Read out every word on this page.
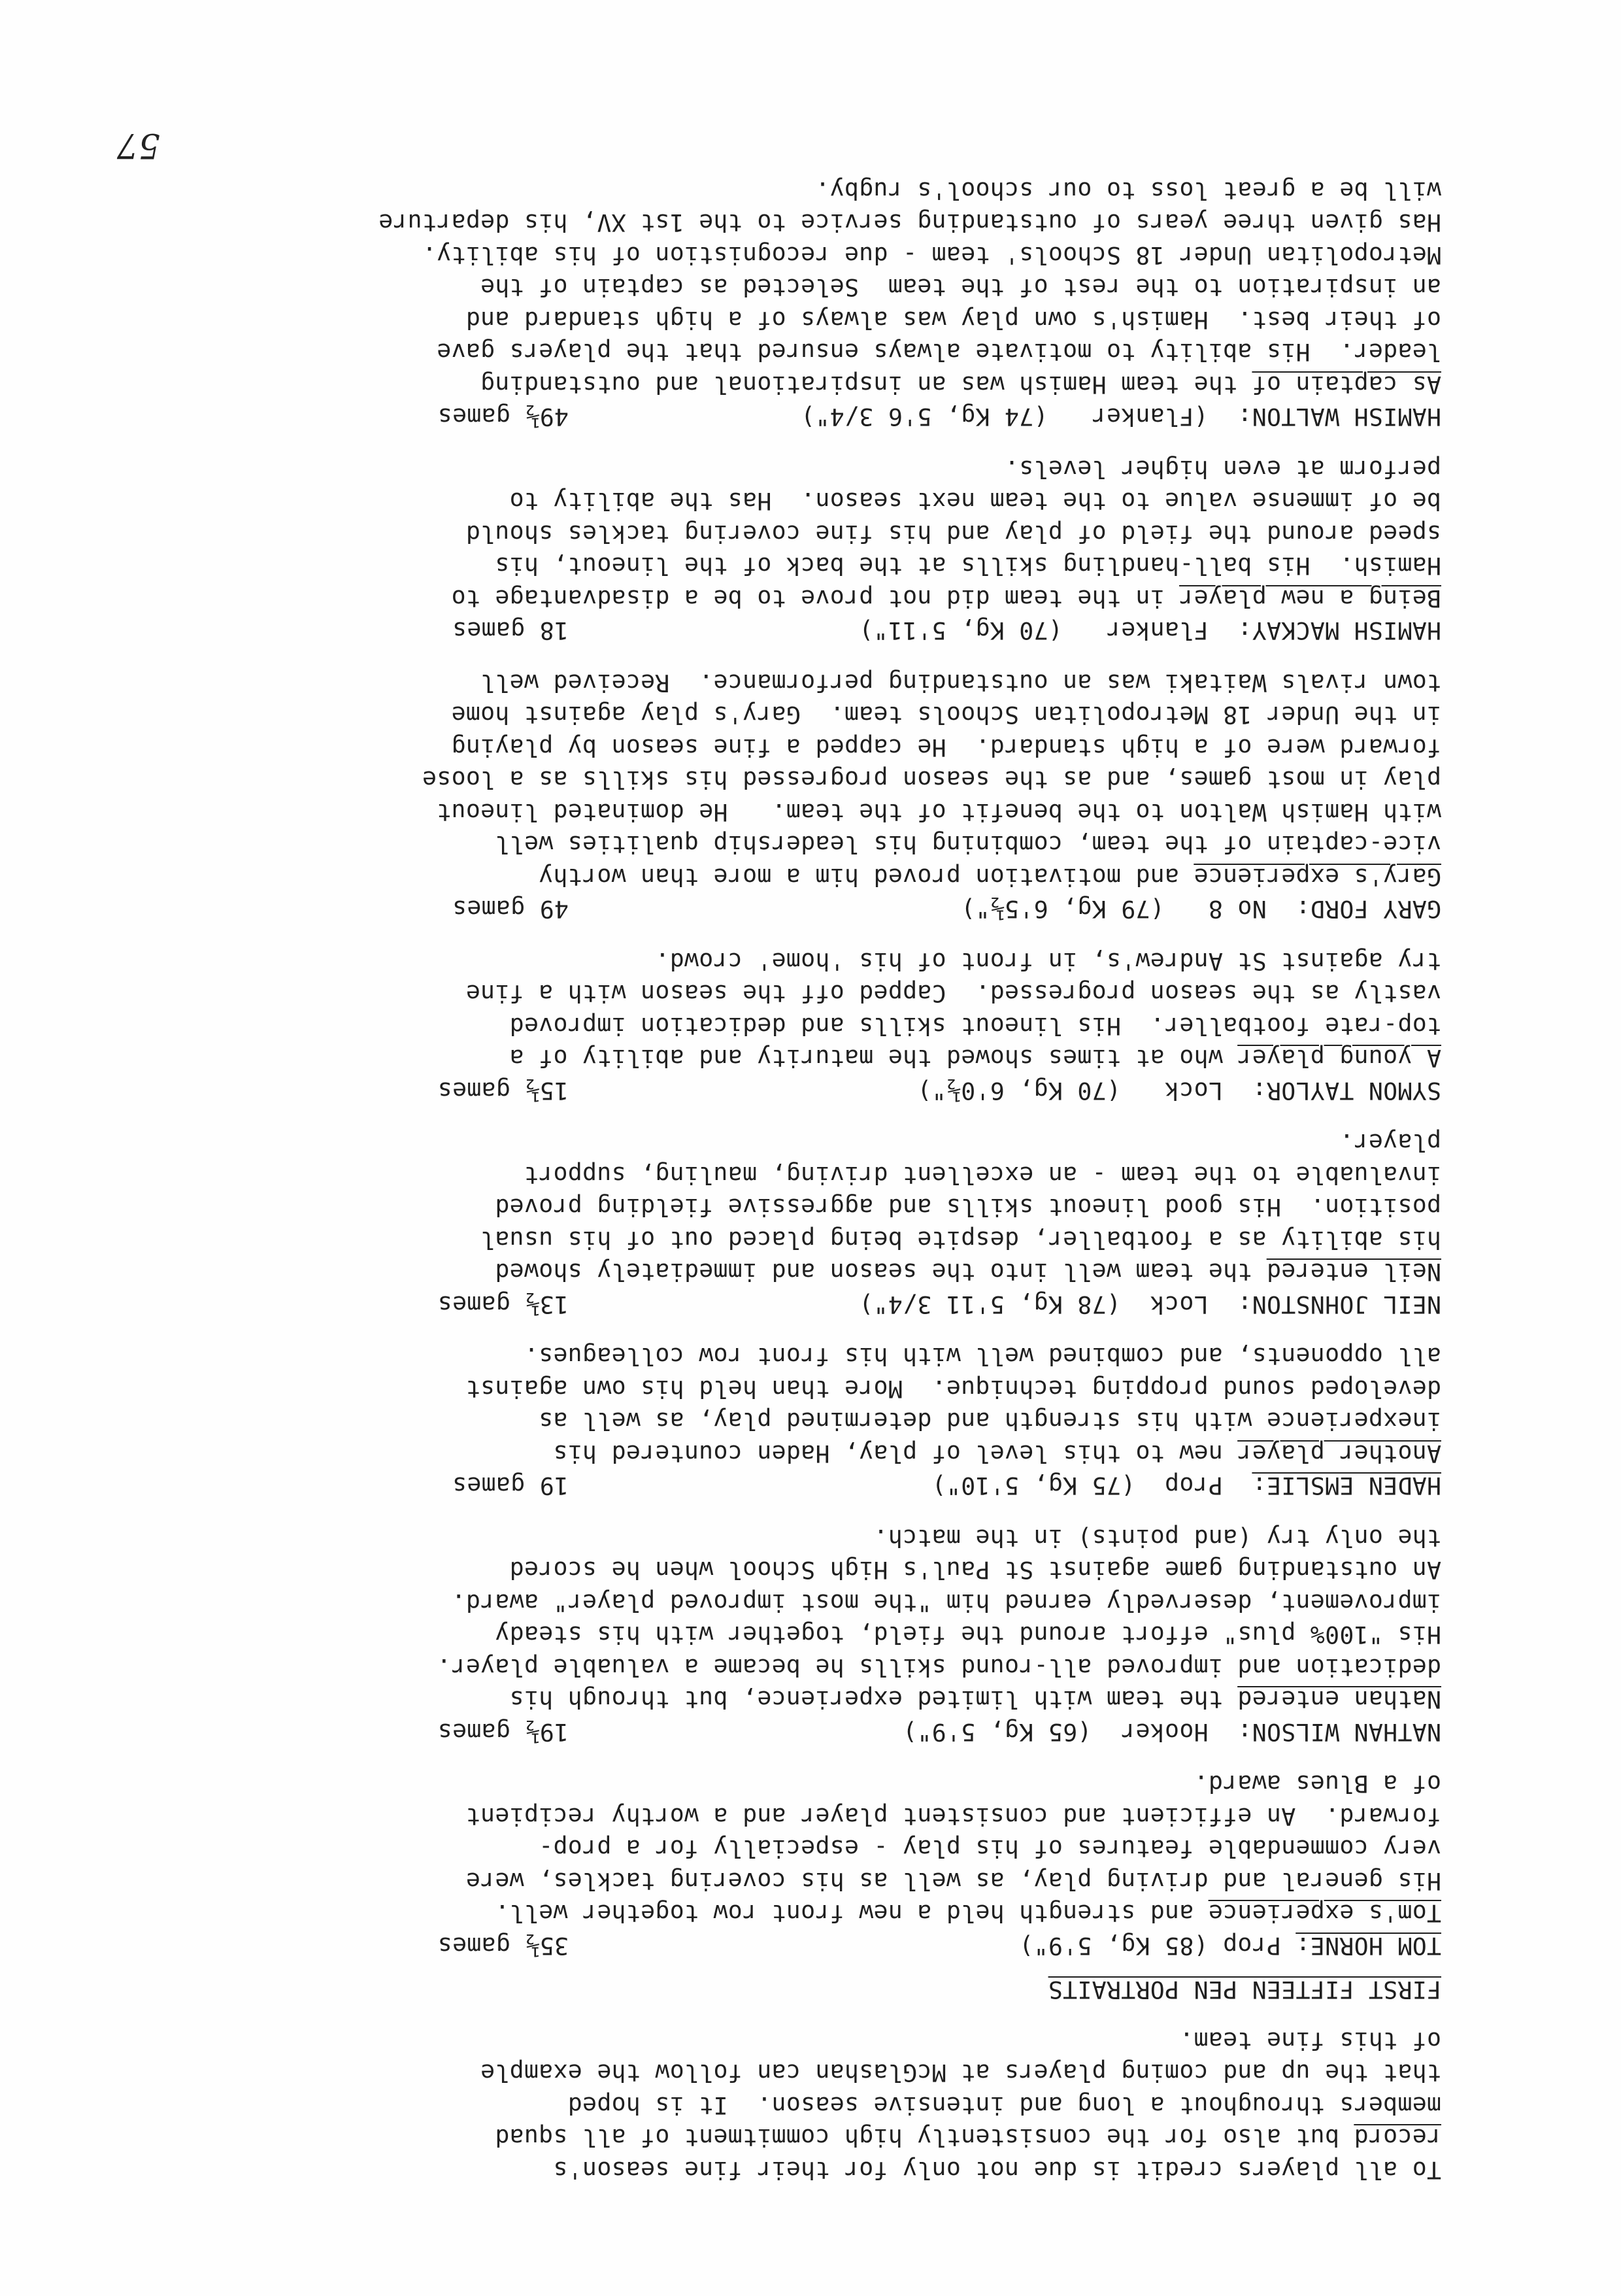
To all players credit is due not only for their fine season's
record but also for the consistently high commitment of all squad
members throughout a long and intensive season.  It is hoped
that the up and coming players at McGlashan can follow the example
of this fine team.
FIRST FIFTEEN PEN PORTRAITS
TOM HORNE: Prop (85 Kg, 5'9")
35½ games
Tom's experience and strength held a new front row together well.
His general and driving play, as well as his covering tackles, were
very commendable features of his play - especially for a prop-
forward.  An efficient and consistent player and a worthy recipient
of a Blues award.
NATHAN WILSON:  Hooker  (65 Kg, 5'9")
19½ games
Nathan entered the team with limited experience, but through his
dedication and improved all-round skills he became a valuable player.
His "100% plus" effort around the field, together with his steady
improvement, deservedly earned him "the most improved player" award.
An outstanding game against St Paul's High School when he scored
the only try (and points) in the match.
HADEN EMSLIE:  Prop  (75 Kg, 5'10")
19 games
Another player new to this level of play, Haden countered his
inexperience with his strength and determined play, as well as
developed sound propping technique.  More than held his own against
all opponents, and combined well with his front row colleagues.
NEIL JOHNSTON:  Lock  (78 Kg, 5'11 3/4")
13½ games
Neil entered the team well into the season and immediately showed
his ability as a footballer, despite being placed out of his usual
position.  His good lineout skills and aggressive fielding proved
invaluable to the team - an excellent driving, mauling, support
player.
SYMON TAYLOR:  Lock   (70 Kg, 6'0½")
15½ games
A young player who at times showed the maturity and ability of a
top-rate footballer.  His lineout skills and dedication improved
vastly as the season progressed.  Capped off the season with a fine
try against St Andrew's, in front of his 'home' crowd.
GARY FORD:  No 8   (79 Kg, 6'5½")
49 games
Gary's experience and motivation proved him a more than worthy
vice-captain of the team, combining his leadership qualities well
with Hamish Walton to the benefit of the team.   He dominated lineout
play in most games, and as the season progressed his skills as a loose
forward were of a high standard.  He capped a fine season by playing
in the Under 18 Metropolitan Schools team.  Gary's play against home
town rivals Waitaki was an outstanding performance.  Received well
HAMISH MACKAY:  Flanker   (70 Kg, 5'11")
18 games
Being a new player in the team did not prove to be a disadvantage to
Hamish.  His ball-handling skills at the back of the lineout, his
speed around the field of play and his fine covering tackles should
be of immense value to the team next season.  Has the ability to
perform at even higher levels.
HAMISH WALTON:  (Flanker   (74 Kg, 5'6 3/4")
49½ games
As captain of the team Hamish was an inspirational and outstanding
leader.  His ability to motivate always ensured that the players gave
of their best.  Hamish's own play was always of a high standard and
an inspiration to the rest of the team  Selected as captain of the
Metropolitan Under 18 Schools' team - due recognistion of his ability.
Has given three years of outstanding service to the 1st XV, his departure
will be a great loss to our school's rugby.
57
